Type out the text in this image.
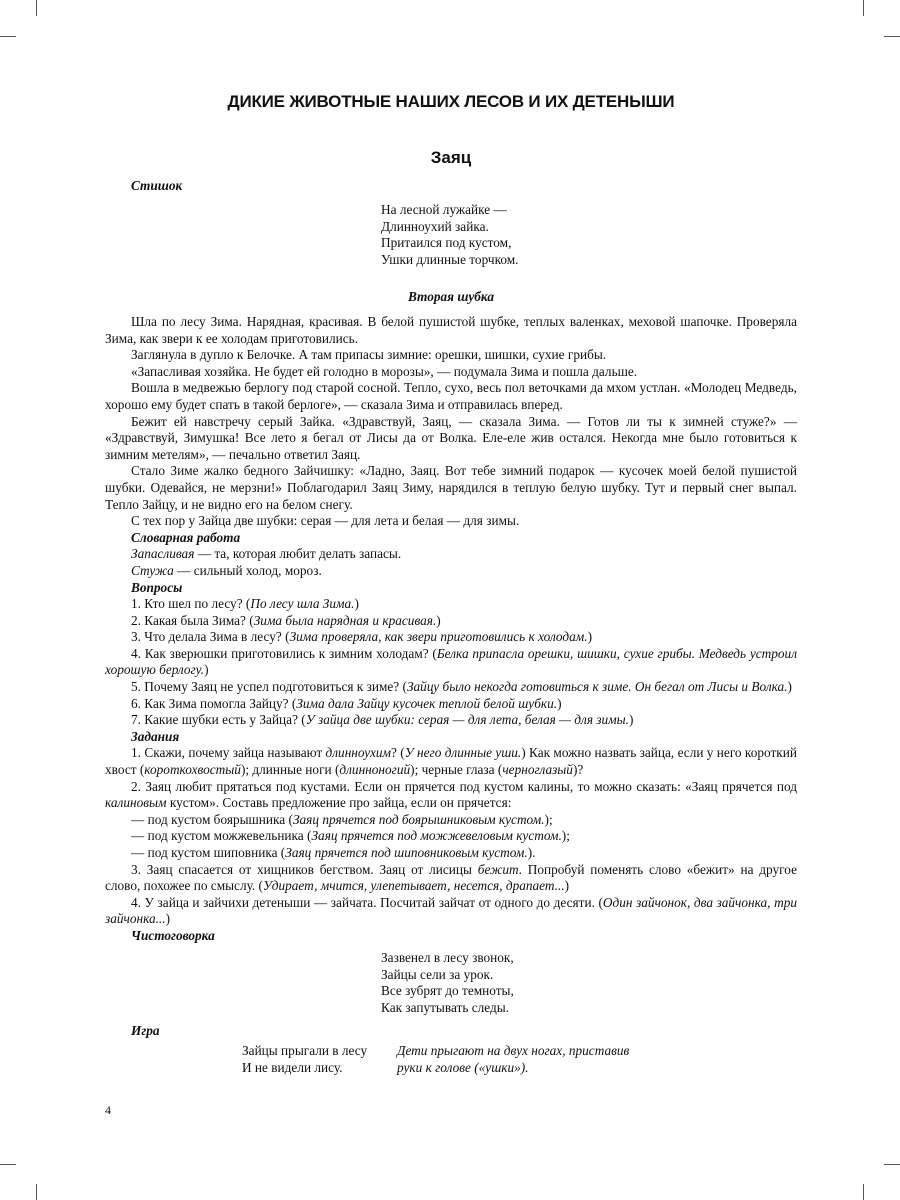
ДИКИЕ ЖИВОТНЫЕ НАШИХ ЛЕСОВ И ИХ ДЕТЕНЫШИ
Заяц
Стишок
На лесной лужайке —
Длинноухий зайка.
Притаился под кустом,
Ушки длинные торчком.
Вторая шубка
Шла по лесу Зима. Нарядная, красивая. В белой пушистой шубке, теплых валенках, меховой шапочке. Проверяла Зима, как звери к ее холодам приготовились.
Заглянула в дупло к Белочке. А там припасы зимние: орешки, шишки, сухие грибы.
«Запасливая хозяйка. Не будет ей голодно в морозы», — подумала Зима и пошла дальше.
Вошла в медвежью берлогу под старой сосной. Тепло, сухо, весь пол веточками да мхом устлан. «Молодец Медведь, хорошо ему будет спать в такой берлоге», — сказала Зима и отправилась вперед.
Бежит ей навстречу серый Зайка. «Здравствуй, Заяц, — сказала Зима. — Готов ли ты к зимней стуже?» — «Здравствуй, Зимушка! Все лето я бегал от Лисы да от Волка. Еле-еле жив остался. Некогда мне было готовиться к зимним метелям», — печально ответил Заяц.
Стало Зиме жалко бедного Зайчишку: «Ладно, Заяц. Вот тебе зимний подарок — кусочек моей белой пушистой шубки. Одевайся, не мерзни!» Поблагодарил Заяц Зиму, нарядился в теплую белую шубку. Тут и первый снег выпал. Тепло Зайцу, и не видно его на белом снегу.
С тех пор у Зайца две шубки: серая — для лета и белая — для зимы.
Словарная работа
Запасливая — та, которая любит делать запасы.
Стужа — сильный холод, мороз.
Вопросы
1. Кто шел по лесу? (По лесу шла Зима.)
2. Какая была Зима? (Зима была нарядная и красивая.)
3. Что делала Зима в лесу? (Зима проверяла, как звери приготовились к холодам.)
4. Как зверюшки приготовились к зимним холодам? (Белка припасла орешки, шишки, сухие грибы. Медведь устроил хорошую берлогу.)
5. Почему Заяц не успел подготовиться к зиме? (Зайцу было некогда готовиться к зиме. Он бегал от Лисы и Волка.)
6. Как Зима помогла Зайцу? (Зима дала Зайцу кусочек теплой белой шубки.)
7. Какие шубки есть у Зайца? (У зайца две шубки: серая — для лета, белая — для зимы.)
Задания
1. Скажи, почему зайца называют длинноухим? (У него длинные уши.) Как можно назвать зайца, если у него короткий хвост (короткохвостый); длинные ноги (длинноногий); черные глаза (черноглазый)?
2. Заяц любит прятаться под кустами. Если он прячется под кустом калины, то можно сказать: «Заяц прячется под калиновым кустом». Составь предложение про зайца, если он прячется:
— под кустом боярышника (Заяц прячется под боярышниковым кустом.);
— под кустом можжевельника (Заяц прячется под можжевеловым кустом.);
— под кустом шиповника (Заяц прячется под шиповниковым кустом.).
3. Заяц спасается от хищников бегством. Заяц от лисицы бежит. Попробуй поменять слово «бежит» на другое слово, похожее по смыслу. (Удирает, мчится, улепетывает, несется, драпает...)
4. У зайца и зайчихи детеныши — зайчата. Посчитай зайчат от одного до десяти. (Один зайчонок, два зайчонка, три зайчонка...)
Чистоговорка
Зазвенел в лесу звонок,
Зайцы сели за урок.
Все зубрят до темноты,
Как запутывать следы.
Игра
Зайцы прыгали в лесу
И не видели лису.
Дети прыгают на двух ногах, приставив
руки к голове («ушки»).
4
